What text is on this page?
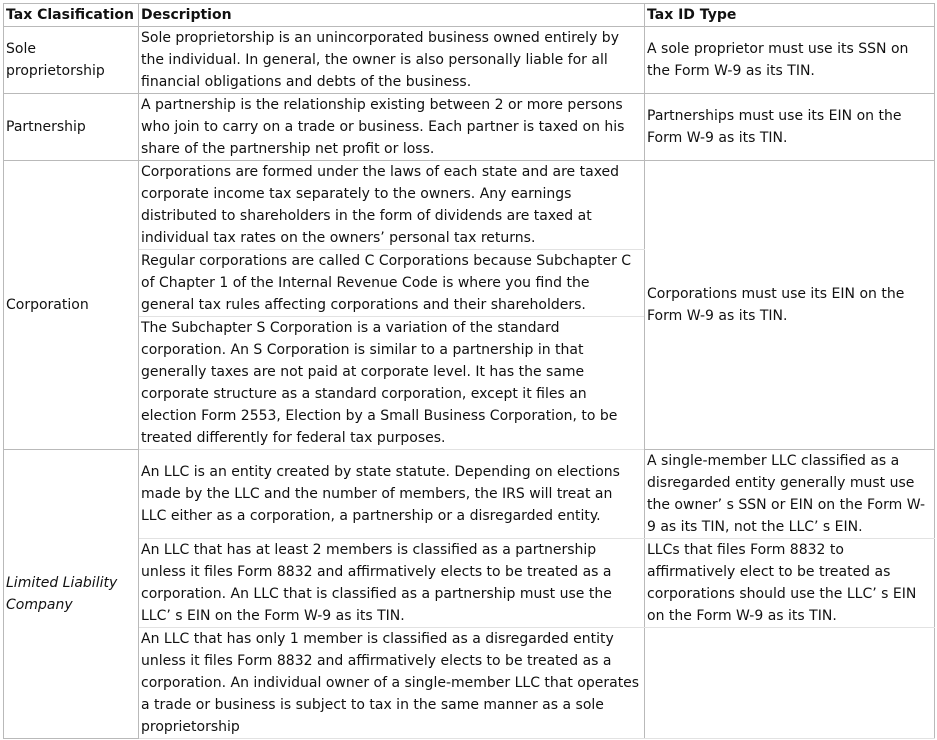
Tax Clasification	Description	Tax ID Type
Sole proprietorship	Sole proprietorship is an unincorporated business owned entirely by the individual. In general, the owner is also personally liable for all financial obligations and debts of the business.	A sole proprietor must use its SSN on the Form W-9 as its TIN.
Partnership	A partnership is the relationship existing between 2 or more persons who join to carry on a trade or business. Each partner is taxed on his share of the partnership net profit or loss.	Partnerships must use its EIN on the Form W-9 as its TIN.
Corporation	Corporations are formed under the laws of each state and are taxed corporate income tax separately to the owners. Any earnings distributed to shareholders in the form of dividends are taxed at individual tax rates on the owners’ personal tax returns.	Corporations must use its EIN on the Form W-9 as its TIN.
	Regular corporations are called C Corporations because Subchapter C of Chapter 1 of the Internal Revenue Code is where you find the general tax rules affecting corporations and their shareholders.	
	The Subchapter S Corporation is a variation of the standard corporation. An S Corporation is similar to a partnership in that generally taxes are not paid at corporate level. It has the same corporate structure as a standard corporation, except it files an election Form 2553, Election by a Small Business Corporation, to be treated differently for federal tax purposes.	
Limited Liability Company	An LLC is an entity created by state statute. Depending on elections made by the LLC and the number of members, the IRS will treat an LLC either as a corporation, a partnership or a disregarded entity.	A single-member LLC classified as a disregarded entity generally must use the owner’ s SSN or EIN on the Form W-9 as its TIN, not the LLC’ s EIN.
	An LLC that has at least 2 members is classified as a partnership unless it files Form 8832 and affirmatively elects to be treated as a corporation. An LLC that is classified as a partnership must use the LLC’ s EIN on the Form W-9 as its TIN.	LLCs that files Form 8832 to affirmatively elect to be treated as corporations should use the LLC’ s EIN on the Form W-9 as its TIN.
	An LLC that has only 1 member is classified as a disregarded entity unless it files Form 8832 and affirmatively elects to be treated as a corporation. An individual owner of a single-member LLC that operates a trade or business is subject to tax in the same manner as a sole proprietorship	
